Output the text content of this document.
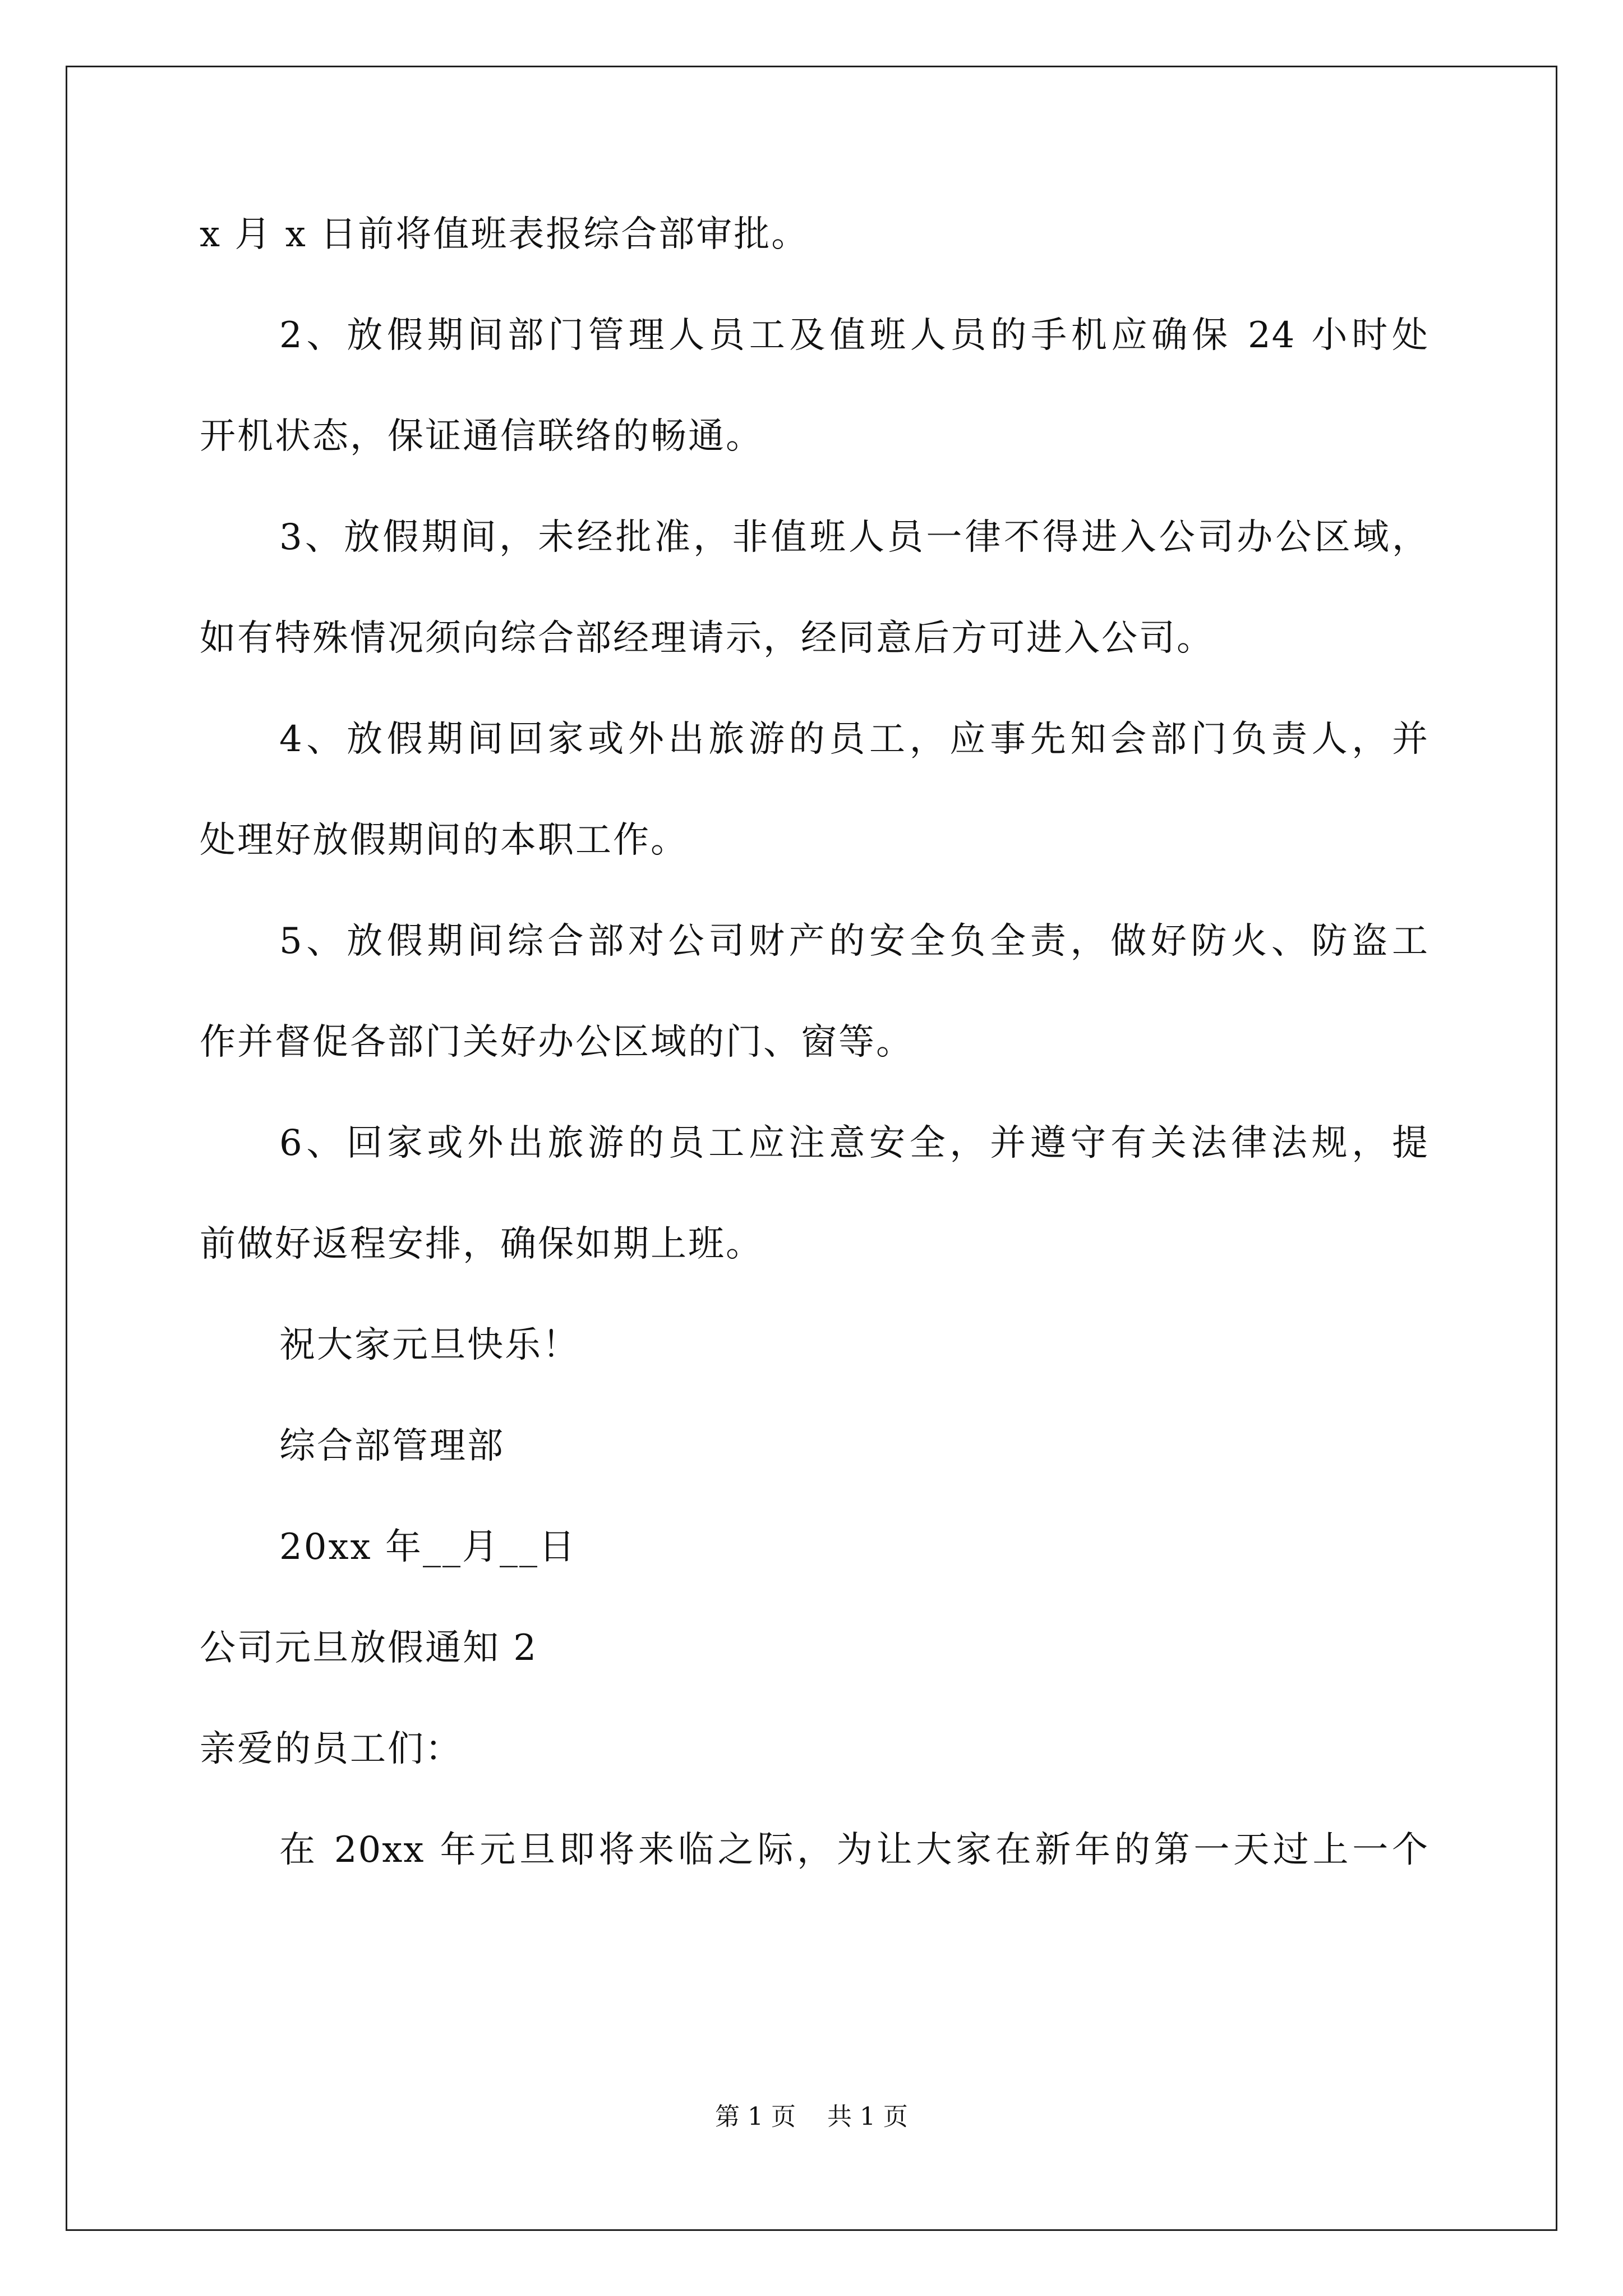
x 月 x 日前将值班表报综合部审批。
2、放假期间部门管理人员工及值班人员的手机应确保 24 小时处
开机状态，保证通信联络的畅通。
3、放假期间，未经批准，非值班人员一律不得进入公司办公区域，
如有特殊情况须向综合部经理请示，经同意后方可进入公司。
4、放假期间回家或外出旅游的员工，应事先知会部门负责人，并
处理好放假期间的本职工作。
5、放假期间综合部对公司财产的安全负全责，做好防火、防盗工
作并督促各部门关好办公区域的门、窗等。
6、回家或外出旅游的员工应注意安全，并遵守有关法律法规，提
前做好返程安排，确保如期上班。
祝大家元旦快乐！
综合部管理部
20xx 年__月__日
公司元旦放假通知 2
亲爱的员工们：
在 20xx 年元旦即将来临之际，为让大家在新年的第一天过上一个
第 1 页    共 1 页
